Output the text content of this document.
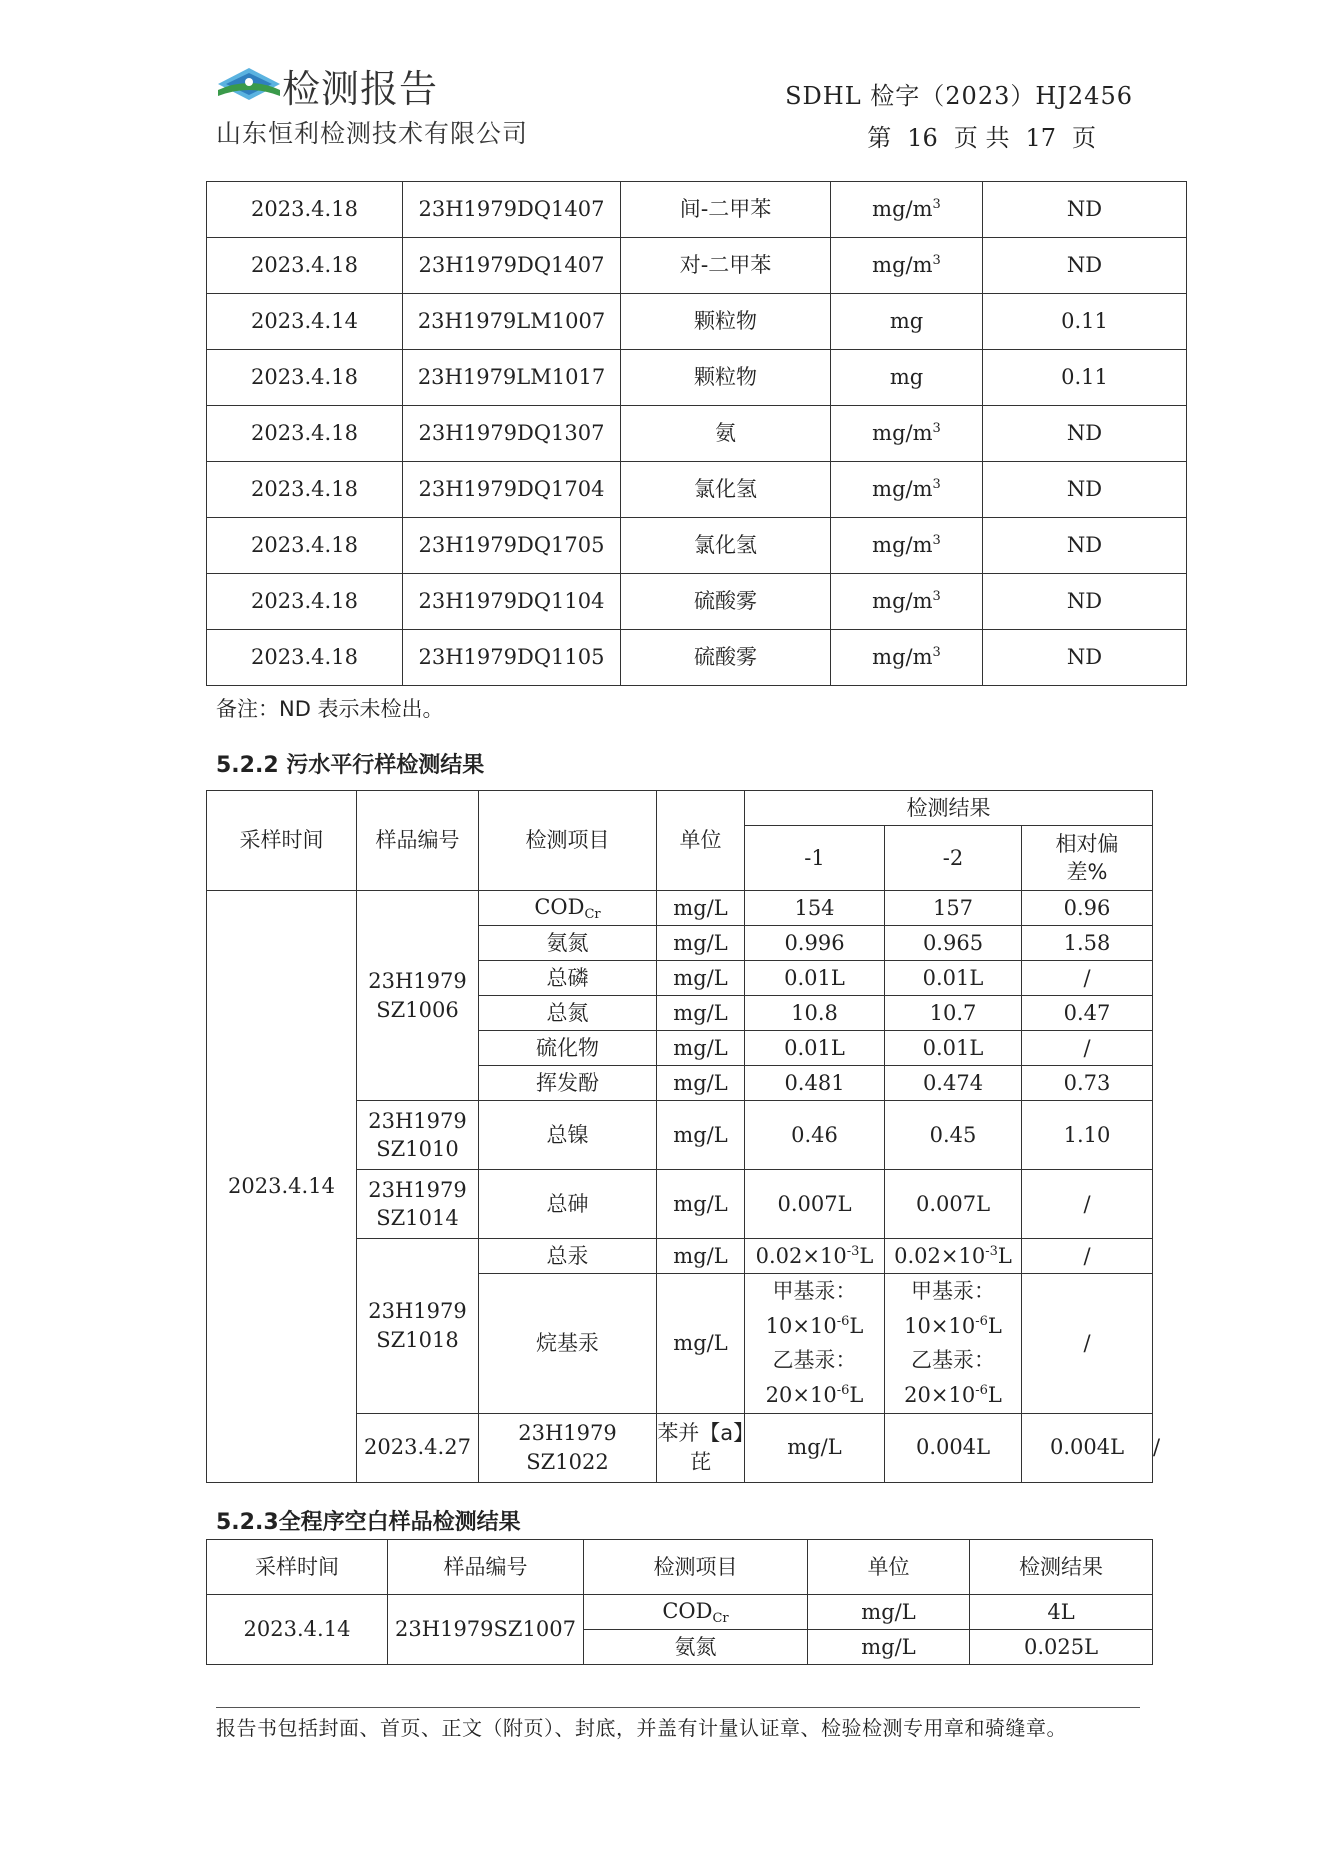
检测报告	SDHL 检字（2023）HJ2456
山东恒利检测技术有限公司	第 16 页 共 17 页
2023.4.18	23H1979DQ1407	间-二甲苯	$mg/m^3$	ND
2023.4.18	23H1979DQ1407	对-二甲苯	$mg/m^3$	ND
2023.4.14	23H1979LM1007	颗粒物	mg	0.11
2023.4.18	23H1979LM1017	颗粒物	mg	0.11
2023.4.18	23H1979DQ1307	氨	$mg/m^3$	ND
2023.4.18	23H1979DQ1704	氯化氢	$mg/m^3$	ND
2023.4.18	23H1979DQ1705	氯化氢	$mg/m^3$	ND
2023.4.18	23H1979DQ1104	硫酸雾	$mg/m^3$	ND
2023.4.18	23H1979DQ1105	硫酸雾	$mg/m^3$	ND
备注：ND 表示未检出。
5.2.2 污水平行样检测结果
采样时间	样品编号	检测项目	单位	检测结果			
				-1	-2	相对偏
差%	
2023.4.14	23H1979
SZ1006	$COD_{Cr}$	mg/L	154	157	0.96	
		氨氮	mg/L	0.996	0.965	1.58	
		总磷	mg/L	0.01L	0.01L	/	
		总氮	mg/L	10.8	10.7	0.47	
		硫化物	mg/L	0.01L	0.01L	/	
		挥发酚	mg/L	0.481	0.474	0.73	
	23H1979
SZ1010	总镍	mg/L	0.46	0.45	1.10	
	23H1979
SZ1014	总砷	mg/L	0.007L	0.007L	/	
	23H1979
SZ1018	总汞	mg/L	$0.02\times 10^{-3}L$	$0.02\times 10^{-3}L$	/	
		烷基汞	mg/L	甲基汞：
$10\times 10^{-6}L$
乙基汞：
$20\times 10^{-6}L$	甲基汞：
$10\times 10^{-6}L$
乙基汞：
$20\times 10^{-6}L$	/	
	2023.4.27	23H1979
SZ1022	苯并【a】芘	mg/L	0.004L	0.004L	/
5.2.3全程序空白样品检测结果
采样时间	样品编号	检测项目	单位	检测结果
2023.4.14	23H1979SZ1007	$COD_{Cr}$	mg/L	4L
		氨氮	mg/L	0.025L
报告书包括封面、首页、正文（附页）、封底，并盖有计量认证章、检验检测专用章和骑缝章。
